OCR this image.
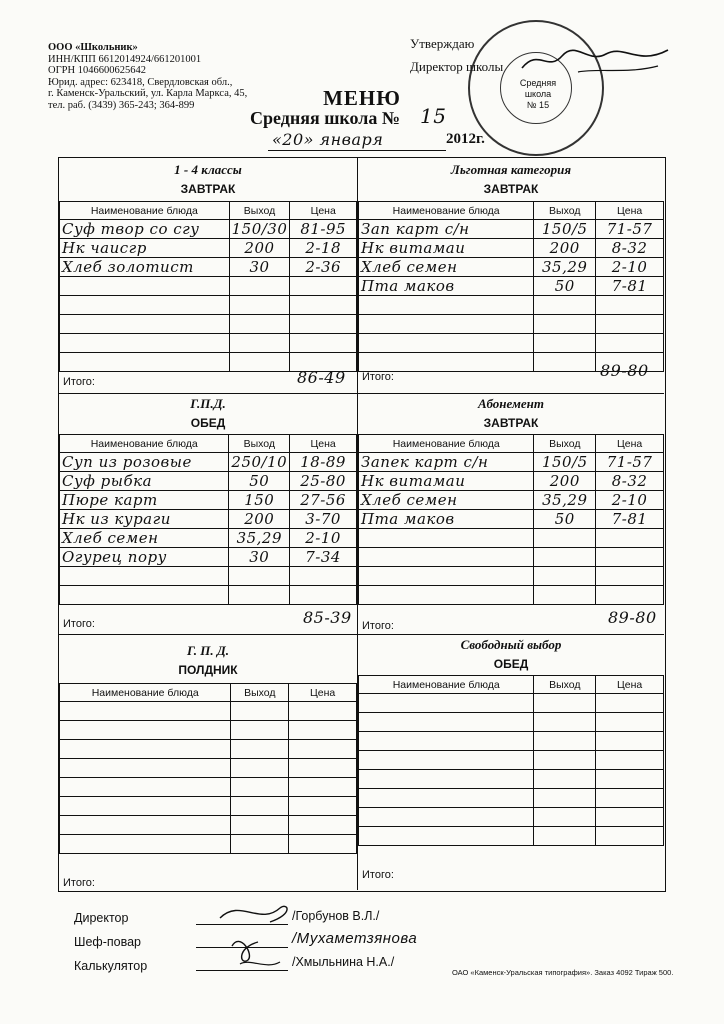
ООО «Школьник»
ИНН/КПП 6612014924/661201001
ОГРН 1046600625642
Юрид. адрес: 623418, Свердловская обл.,
г. Каменск-Уральский, ул. Карла Маркса, 45,
тел. раб. (3439) 365-243; 364-899
Средняя школа
№ 15
Утверждаю
Директор школы
МЕНЮ
Средняя школа № 15
«20» января	2012г.
1 - 4 классы
ЗАВТРАК
Наименование блюда	Выход	Цена
Суф твор со сгу	150/30	81-95
Нк чаисгр	200	2-18
Хлеб золотист	30	2-36

Итого:	86-49
Льготная категория
ЗАВТРАК
Наименование блюда	Выход	Цена
Зап карт с/н	150/5	71-57
Нк витамаи	200	8-32
Хлеб семен	35,29	2-10
Пта маков	50	7-81

Итого:	89-80
Г.П.Д.
ОБЕД
Наименование блюда	Выход	Цена
Суп из розовые	250/10	18-89
Суф рыбка	50	25-80
Пюре карт	150	27-56
Нк из кураги	200	3-70
Хлеб семен	35,29	2-10
Огурец пору	30	7-34

Итого:	85-39
Абонемент
ЗАВТРАК
Наименование блюда	Выход	Цена
Запек карт с/н	150/5	71-57
Нк витамаи	200	8-32
Хлеб семен	35,29	2-10
Пта маков	50	7-81

Итого:	89-80
Г. П. Д.
ПОЛДНИК
Наименование блюда	Выход	Цена

Итого:
Свободный выбор
ОБЕД
Наименование блюда	Выход	Цена

Итого:
Директор
Шеф-повар
Калькулятор
/Горбунов В.Л./
/Мухаметзянова
/Хмыльнина Н.А./
ОАО «Каменск-Уральская типография». Заказ 4092 Тираж 500.
